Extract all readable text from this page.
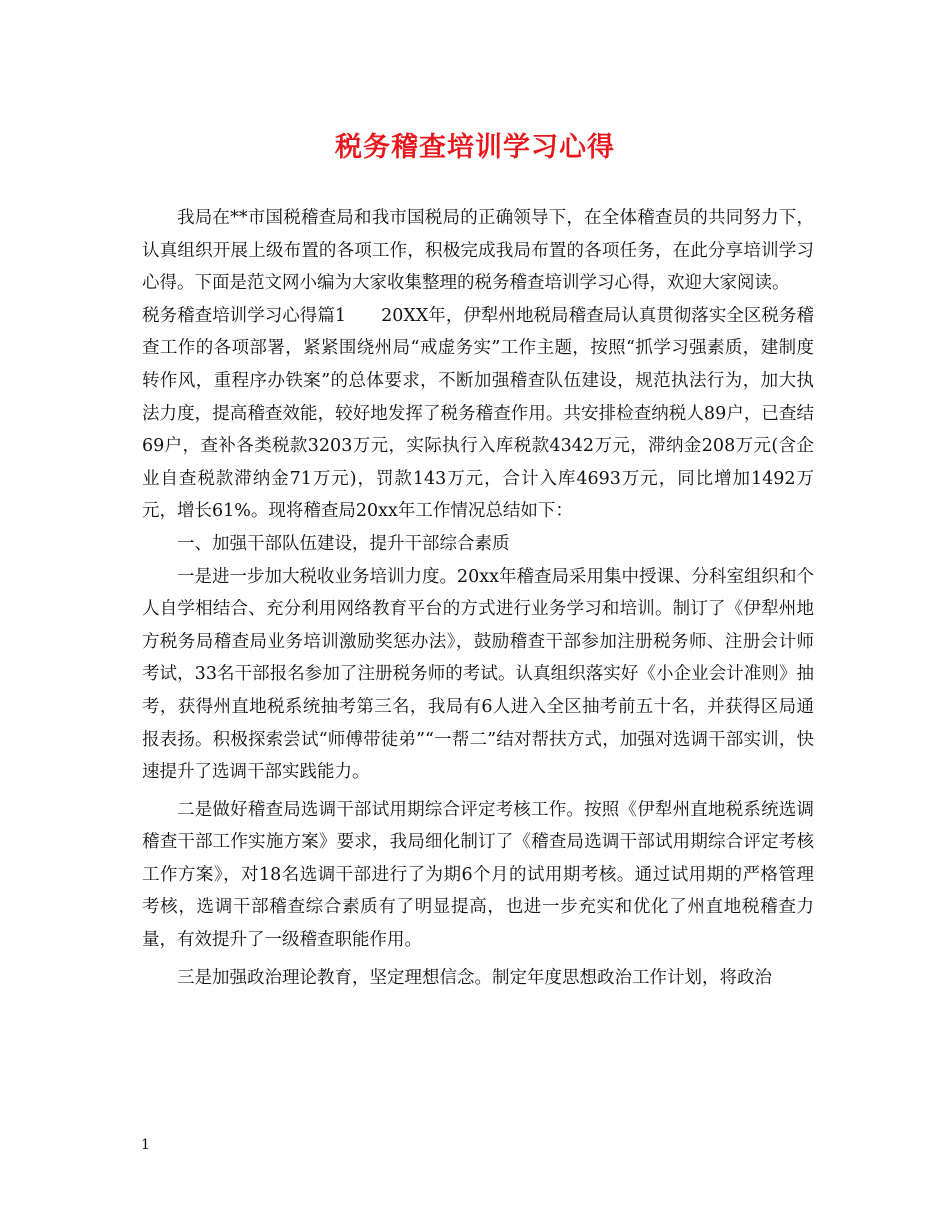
税务稽查培训学习心得

我局在**市国税稽查局和我市国税局的正确领导下，在全体稽查员的共同努力下，认真组织开展上级布置的各项工作，积极完成我局布置的各项任务，在此分享培训学习心得。下面是范文网小编为大家收集整理的税务稽查培训学习心得，欢迎大家阅读。

税务稽查培训学习心得篇1　　20XX年，伊犁州地税局稽查局认真贯彻落实全区税务稽查工作的各项部署，紧紧围绕州局“戒虚务实”工作主题，按照“抓学习强素质，建制度转作风，重程序办铁案”的总体要求，不断加强稽查队伍建设，规范执法行为，加大执法力度，提高稽查效能，较好地发挥了税务稽查作用。共安排检查纳税人89户，已查结69户，查补各类税款3203万元，实际执行入库税款4342万元，滞纳金208万元(含企业自查税款滞纳金71万元)，罚款143万元，合计入库4693万元，同比增加1492万元，增长61%。现将稽查局20xx年工作情况总结如下：

一、加强干部队伍建设，提升干部综合素质

一是进一步加大税收业务培训力度。20xx年稽查局采用集中授课、分科室组织和个人自学相结合、充分利用网络教育平台的方式进行业务学习和培训。制订了《伊犁州地方税务局稽查局业务培训激励奖惩办法》，鼓励稽查干部参加注册税务师、注册会计师考试，33名干部报名参加了注册税务师的考试。认真组织落实好《小企业会计准则》抽考，获得州直地税系统抽考第三名，我局有6人进入全区抽考前五十名，并获得区局通报表扬。积极探索尝试“师傅带徒弟”“一帮二”结对帮扶方式，加强对选调干部实训，快速提升了选调干部实践能力。

二是做好稽查局选调干部试用期综合评定考核工作。按照《伊犁州直地税系统选调稽查干部工作实施方案》要求，我局细化制订了《稽查局选调干部试用期综合评定考核工作方案》，对18名选调干部进行了为期6个月的试用期考核。通过试用期的严格管理考核，选调干部稽查综合素质有了明显提高，也进一步充实和优化了州直地税稽查力量，有效提升了一级稽查职能作用。

三是加强政治理论教育，坚定理想信念。制定年度思想政治工作计划，将政治

1
